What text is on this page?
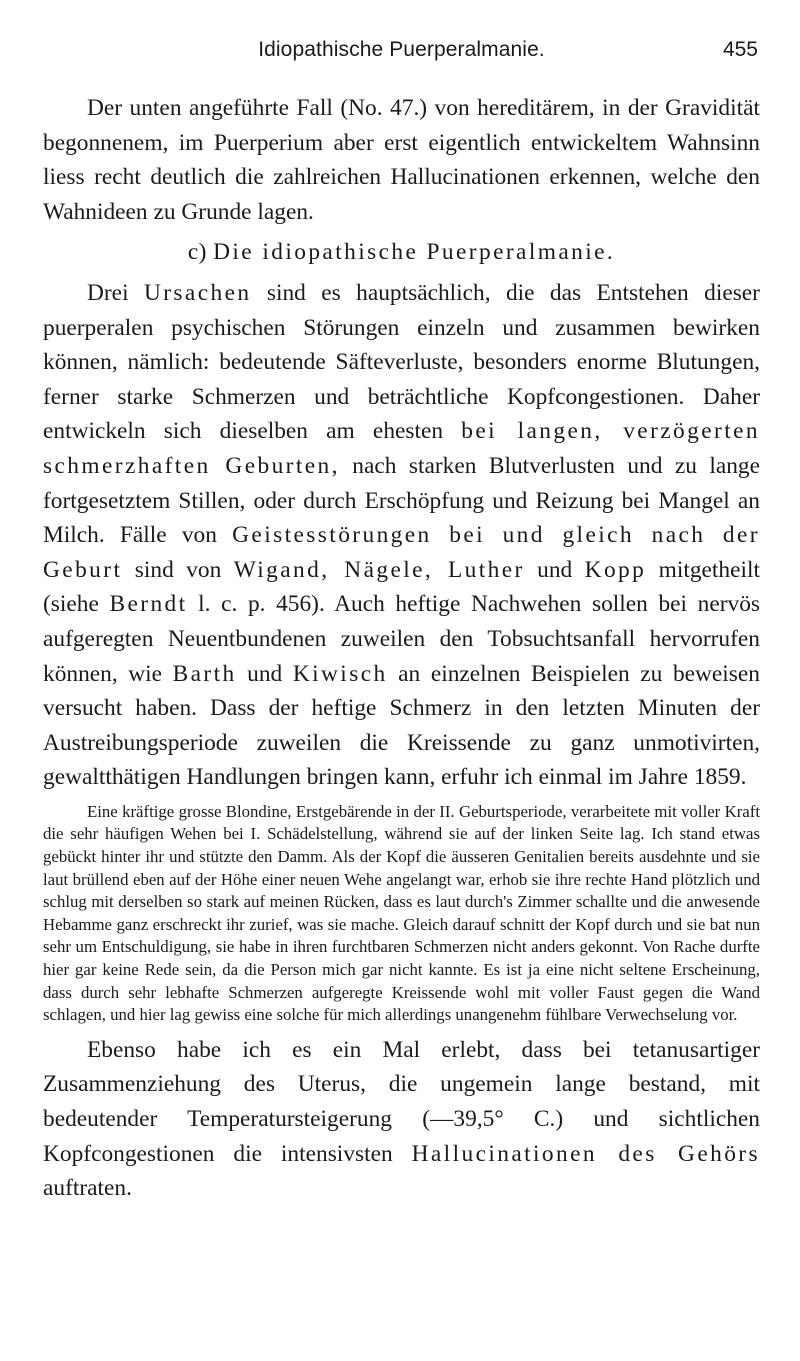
Idiopathische Puerperalmanie.	455

Der unten angeführte Fall (No. 47.) von hereditärem, in der Gravidität begonnenem, im Puerperium aber erst eigentlich entwickeltem Wahnsinn liess recht deutlich die zahlreichen Hallucinationen erkennen, welche den Wahnideen zu Grunde lagen.

c) Die idiopathische Puerperalmanie.

Drei Ursachen sind es hauptsächlich, die das Entstehen dieser puerperalen psychischen Störungen einzeln und zusammen bewirken können, nämlich: bedeutende Säfteverluste, besonders enorme Blutungen, ferner starke Schmerzen und beträchtliche Kopfcongestionen. Daher entwickeln sich dieselben am ehesten bei langen, verzögerten schmerzhaften Geburten, nach starken Blutverlusten und zu lange fortgesetztem Stillen, oder durch Erschöpfung und Reizung bei Mangel an Milch. Fälle von Geistesstörungen bei und gleich nach der Geburt sind von Wigand, Nägele, Luther und Kopp mitgetheilt (siehe Berndt l. c. p. 456). Auch heftige Nachwehen sollen bei nervös aufgeregten Neuentbundenen zuweilen den Tobsuchtsanfall hervorrufen können, wie Barth und Kiwisch an einzelnen Beispielen zu beweisen versucht haben. Dass der heftige Schmerz in den letzten Minuten der Austreibungsperiode zuweilen die Kreissende zu ganz unmotivirten, gewaltthätigen Handlungen bringen kann, erfuhr ich einmal im Jahre 1859.

Eine kräftige grosse Blondine, Erstgebärende in der II. Geburtsperiode, verarbeitete mit voller Kraft die sehr häufigen Wehen bei I. Schädelstellung, während sie auf der linken Seite lag. Ich stand etwas gebückt hinter ihr und stützte den Damm. Als der Kopf die äusseren Genitalien bereits ausdehnte und sie laut brüllend eben auf der Höhe einer neuen Wehe angelangt war, erhob sie ihre rechte Hand plötzlich und schlug mit derselben so stark auf meinen Rücken, dass es laut durch's Zimmer schallte und die anwesende Hebamme ganz erschreckt ihr zurief, was sie mache. Gleich darauf schnitt der Kopf durch und sie bat nun sehr um Entschuldigung, sie habe in ihren furchtbaren Schmerzen nicht anders gekonnt. Von Rache durfte hier gar keine Rede sein, da die Person mich gar nicht kannte. Es ist ja eine nicht seltene Erscheinung, dass durch sehr lebhafte Schmerzen aufgeregte Kreissende wohl mit voller Faust gegen die Wand schlagen, und hier lag gewiss eine solche für mich allerdings unangenehm fühlbare Verwechselung vor.

Ebenso habe ich es ein Mal erlebt, dass bei tetanusartiger Zusammenziehung des Uterus, die ungemein lange bestand, mit bedeutender Temperatursteigerung (—39,5° C.) und sichtlichen Kopfcongestionen die intensivsten Hallucinationen des Gehörs auftraten.
